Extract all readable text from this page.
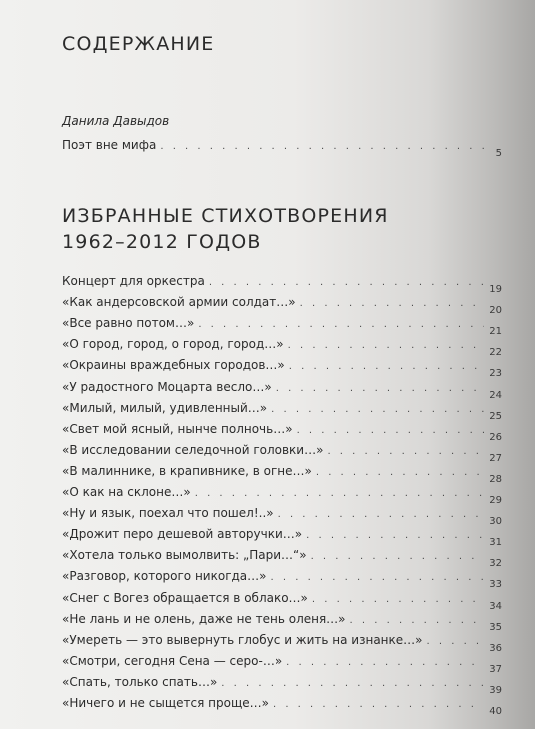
СОДЕРЖАНИЕ
Данила Давыдов
Поэт вне мифа
. . .
5
ИЗБРАННЫЕ СТИХОТВОРЕНИЯ
1962–2012 ГОДОВ
Концерт для оркестра
. . .
19
«Как андерсовской армии солдат…»
. . .
20
«Все равно потом…»
. . .
21
«О город, город, о город, город…»
. . .
22
«Окраины враждебных городов…»
. . .
23
«У радостного Моцарта весло…»
. . .
24
«Милый, милый, удивленный…»
. . .
25
«Свет мой ясный, нынче полночь…»
. . .
26
«В исследовании селедочной головки…»
. . .
27
«В малиннике, в крапивнике, в огне…»
. . .
28
«О как на склоне…»
. . .
29
«Ну и язык, поехал что пошел!..»
. . .
30
«Дрожит перо дешевой авторучки…»
. . .
31
«Хотела только вымолвить: „Пари…“»
. . .
32
«Разговор, которого никогда…»
. . .
33
«Снег с Вогез обращается в облако…»
. . .
34
«Не лань и не олень, даже не тень оленя…»
. . .
35
«Умереть — это вывернуть глобус и жить на изнанке…»
. . .
36
«Смотри, сегодня Сена — серо-…»
. . .
37
«Спать, только спать…»
. . .
39
«Ничего и не сыщется проще…»
. . .
40
